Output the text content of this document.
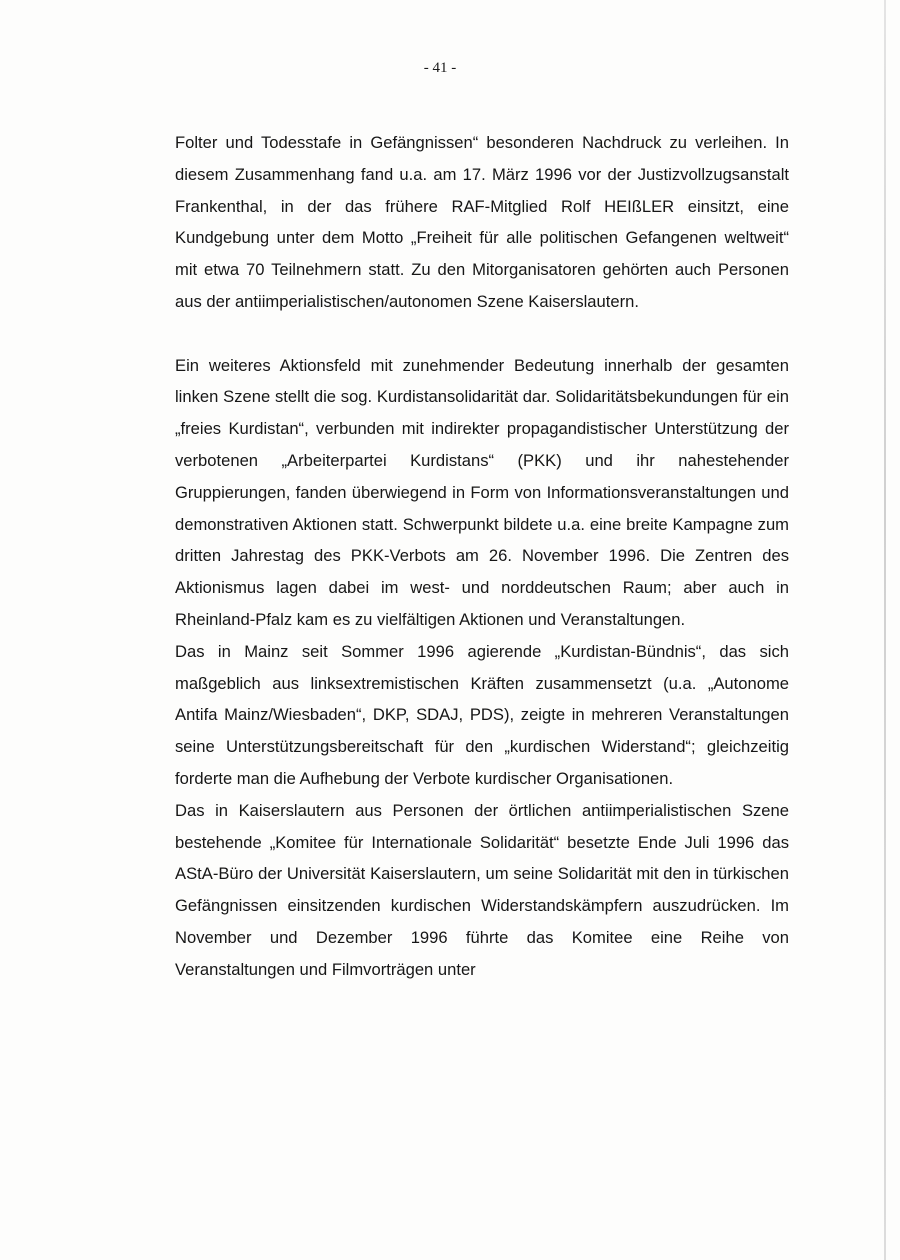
- 41 -

Folter und Todesstafe in Gefängnissen“ besonderen Nachdruck zu verleihen. In diesem Zusammenhang fand u.a. am 17. März 1996 vor der Justizvollzugsanstalt Frankenthal, in der das frühere RAF-Mitglied Rolf HEIßLER einsitzt, eine Kundgebung unter dem Motto „Freiheit für alle politischen Gefangenen weltweit“ mit etwa 70 Teilnehmern statt. Zu den Mitorganisatoren gehörten auch Personen aus der antiimperialistischen/autonomen Szene Kaiserslautern.

Ein weiteres Aktionsfeld mit zunehmender Bedeutung innerhalb der gesamten linken Szene stellt die sog. Kurdistansolidarität dar. Solidaritätsbekundungen für ein „freies Kurdistan“, verbunden mit indirekter propagandistischer Unterstützung der verbotenen „Arbeiterpartei Kurdistans“ (PKK) und ihr nahestehender Gruppierungen, fanden überwiegend in Form von Informationsveranstaltungen und demonstrativen Aktionen statt. Schwerpunkt bildete u.a. eine breite Kampagne zum dritten Jahrestag des PKK-Verbots am 26. November 1996. Die Zentren des Aktionismus lagen dabei im west- und norddeutschen Raum; aber auch in Rheinland-Pfalz kam es zu vielfältigen Aktionen und Veranstaltungen.

Das in Mainz seit Sommer 1996 agierende „Kurdistan-Bündnis“, das sich maßgeblich aus linksextremistischen Kräften zusammensetzt (u.a. „Autonome Antifa Mainz/Wiesbaden“, DKP, SDAJ, PDS), zeigte in mehreren Veranstaltungen seine Unterstützungsbereitschaft für den „kurdischen Widerstand“; gleichzeitig forderte man die Aufhebung der Verbote kurdischer Organisationen.

Das in Kaiserslautern aus Personen der örtlichen antiimperialistischen Szene bestehende „Komitee für Internationale Solidarität“ besetzte Ende Juli 1996 das AStA-Büro der Universität Kaiserslautern, um seine Solidarität mit den in türkischen Gefängnissen einsitzenden kurdischen Widerstandskämpfern auszudrücken. Im November und Dezember 1996 führte das Komitee eine Reihe von Veranstaltungen und Filmvorträgen unter
